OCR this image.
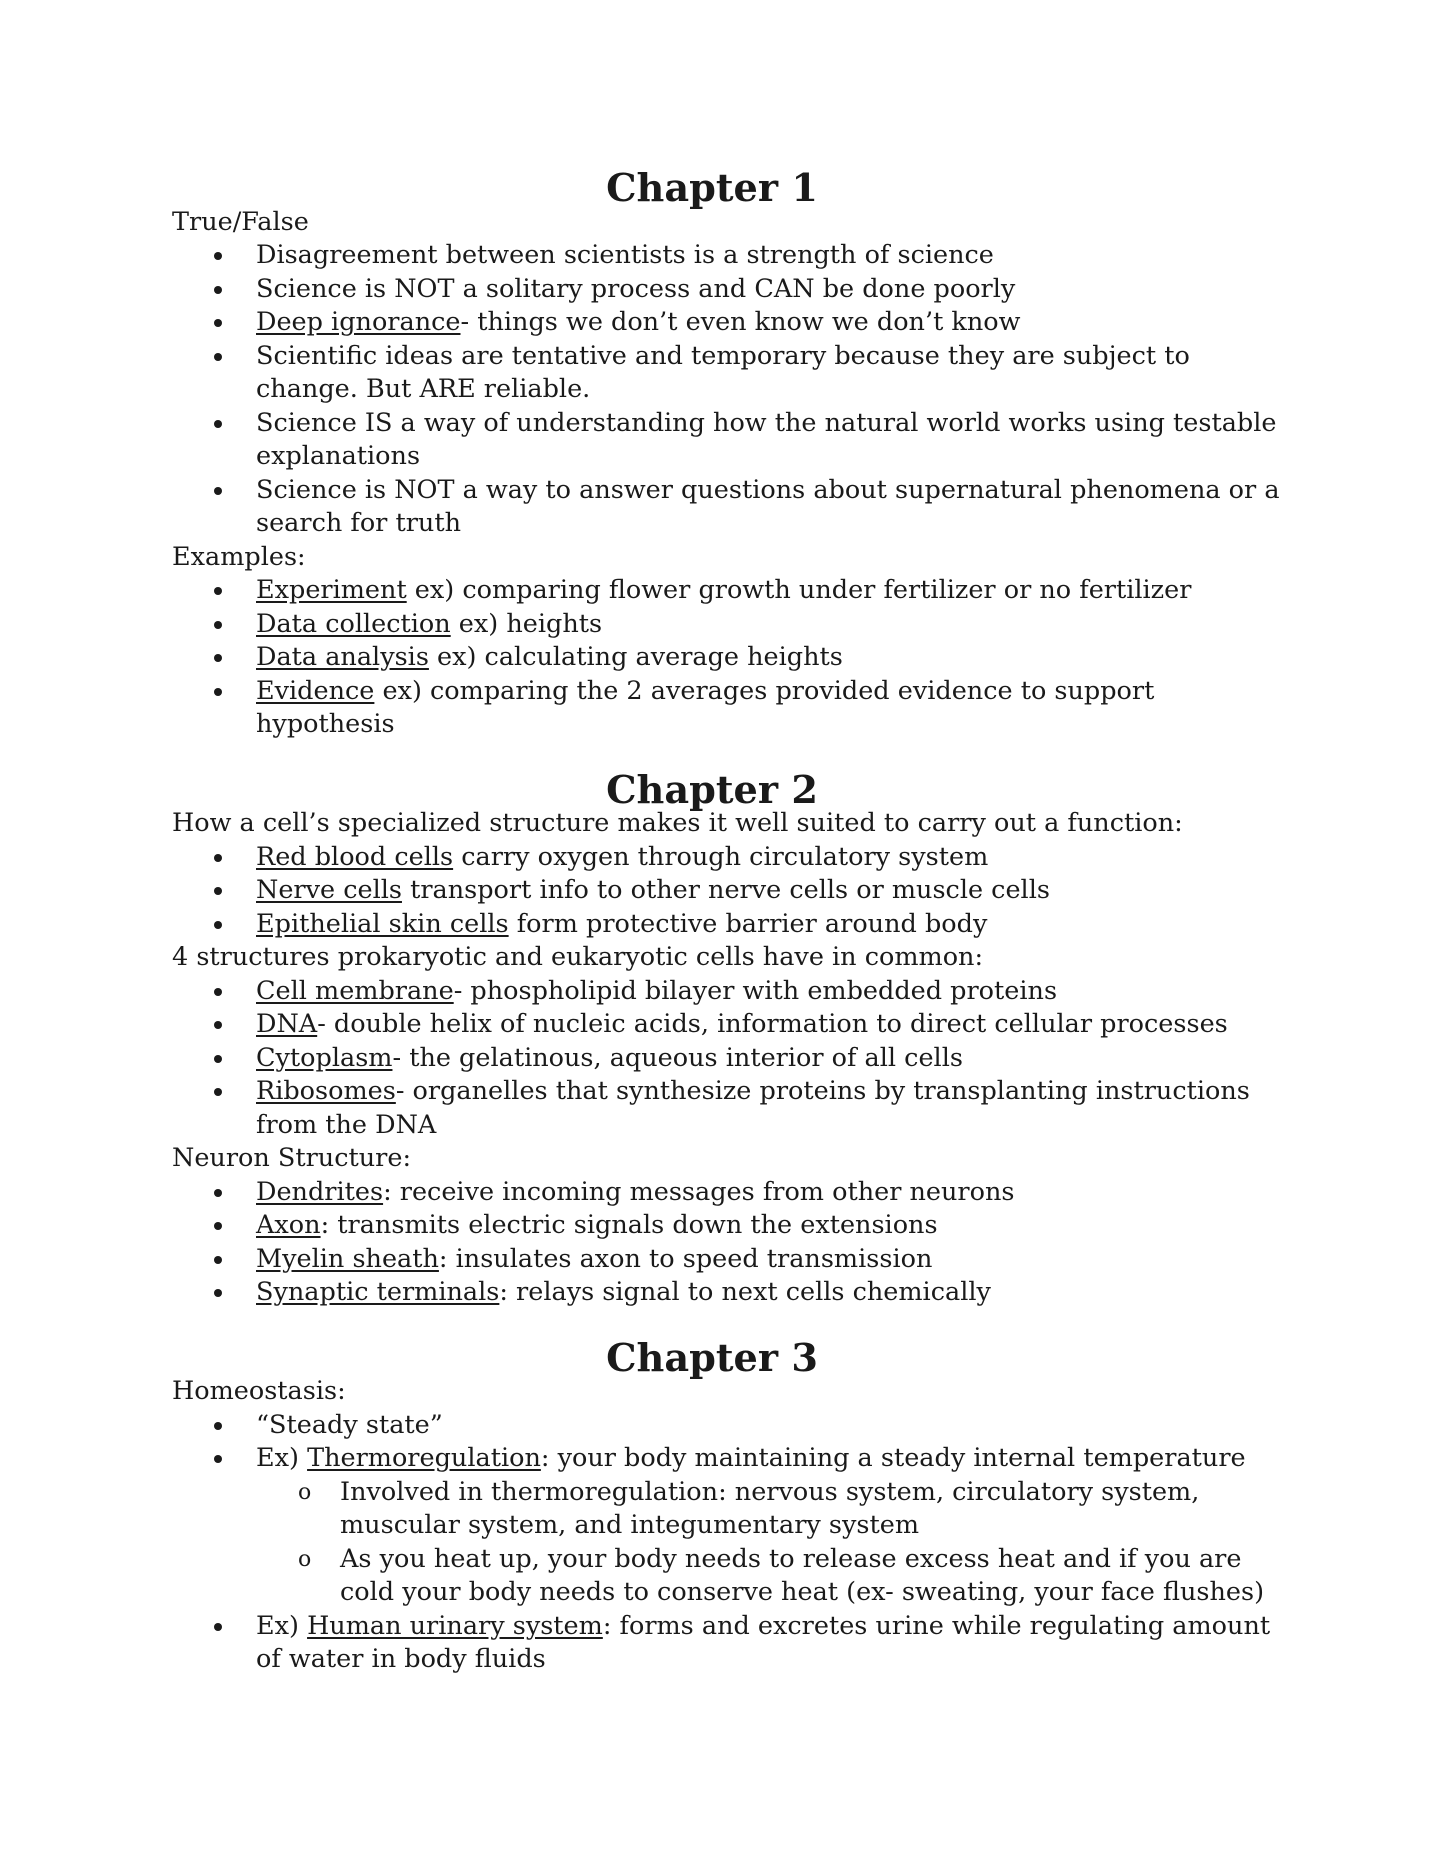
Chapter 1

True/False

Disagreement between scientists is a strength of science
Science is NOT a solitary process and CAN be done poorly
Deep ignorance- things we don’t even know we don’t know
Scientific ideas are tentative and temporary because they are subject to change. But ARE reliable.
Science IS a way of understanding how the natural world works using testable explanations
Science is NOT a way to answer questions about supernatural phenomena or a search for truth

Examples:

Experiment ex) comparing flower growth under fertilizer or no fertilizer
Data collection ex) heights
Data analysis ex) calculating average heights
Evidence ex) comparing the 2 averages provided evidence to support hypothesis
Chapter 2

How a cell’s specialized structure makes it well suited to carry out a function:

Red blood cells carry oxygen through circulatory system
Nerve cells transport info to other nerve cells or muscle cells
Epithelial skin cells form protective barrier around body

4 structures prokaryotic and eukaryotic cells have in common:

Cell membrane- phospholipid bilayer with embedded proteins
DNA- double helix of nucleic acids, information to direct cellular processes
Cytoplasm- the gelatinous, aqueous interior of all cells
Ribosomes- organelles that synthesize proteins by transplanting instructions from the DNA

Neuron Structure:

Dendrites: receive incoming messages from other neurons
Axon: transmits electric signals down the extensions
Myelin sheath: insulates axon to speed transmission
Synaptic terminals: relays signal to next cells chemically
Chapter 3

Homeostasis:

“Steady state”
Ex) Thermoregulation: your body maintaining a steady internal temperature
o Involved in thermoregulation: nervous system, circulatory system, muscular system, and integumentary system
o As you heat up, your body needs to release excess heat and if you are cold your body needs to conserve heat (ex- sweating, your face flushes)
Ex) Human urinary system: forms and excretes urine while regulating amount of water in body fluids
